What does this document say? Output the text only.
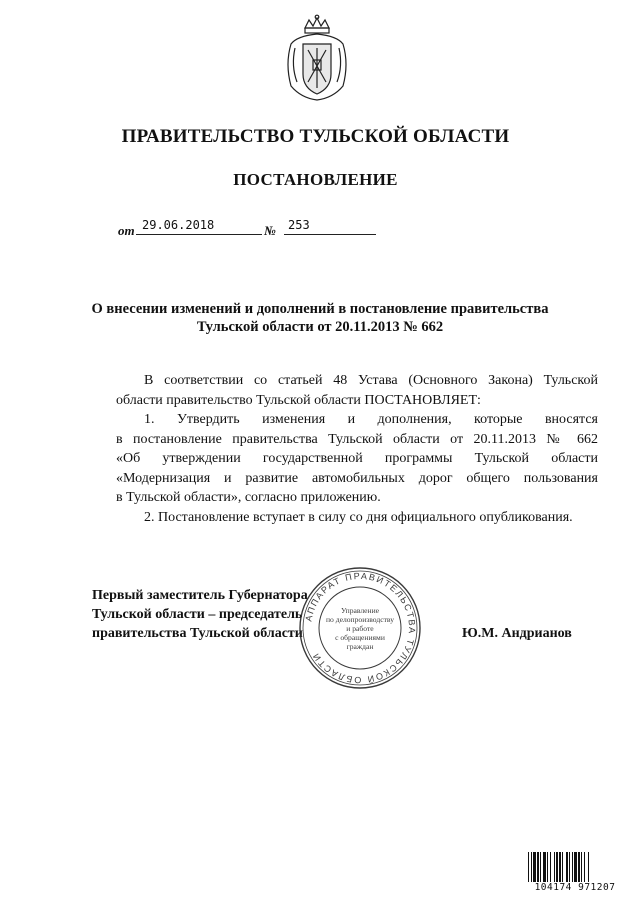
ПРАВИТЕЛЬСТВО ТУЛЬСКОЙ ОБЛАСТИ
ПОСТАНОВЛЕНИЕ
от 29.06.2018	№	253
О внесении изменений и дополнений в постановление правительства
Тульской области от 20.11.2013 № 662

В соответствии со статьей 48 Устава (Основного Закона) Тульской

области правительство Тульской области ПОСТАНОВЛЯЕТ:

1. Утвердить изменения и дополнения, которые вносятся

в постановление правительства Тульской области от 20.11.2013 № 662

«Об утверждении государственной программы Тульской области

«Модернизация и развитие автомобильных дорог общего пользования

в Тульской области», согласно приложению.

2. Постановление вступает в силу со дня официального опубликования.

Первый заместитель Губернатора
Тульской области – председатель
правительства Тульской области	Ю.М. Андрианов
АППАРАТ ПРАВИТЕЛЬСТВА ТУЛЬСКОЙ ОБЛАСТИ
Управление
по делопроизводству
и работе
с обращениями
граждан
104174 971207
